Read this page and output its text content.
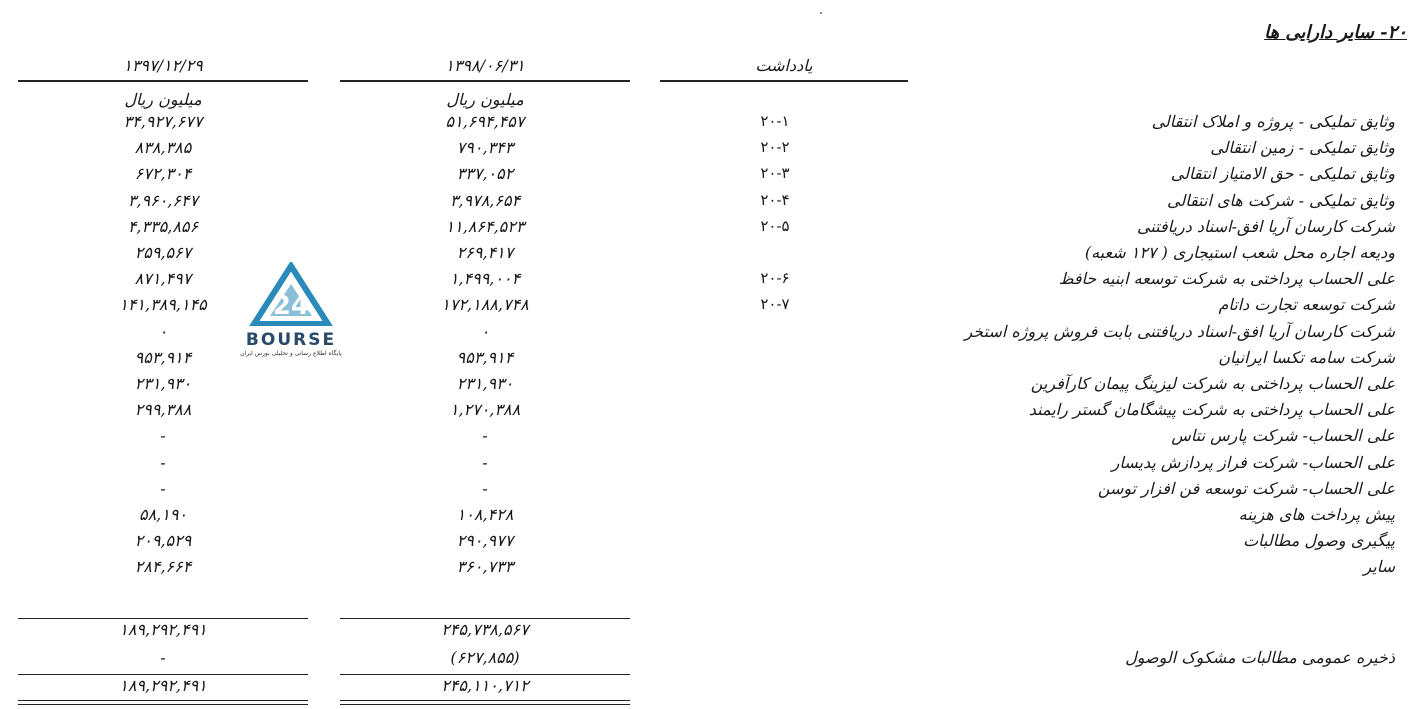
۲۰- سایر دارایی ها
یادداشت
۱۳۹۸/۰۶/۳۱
۱۳۹۷/۱۲/۲۹
میلیون ریال
میلیون ریال
وثایق تملیکی - پروژه و املاک انتقالی
۲۰-۱
۵۱,۶۹۴,۴۵۷
۳۴,۹۲۷,۶۷۷
وثایق تملیکی - زمین انتقالی
۲۰-۲
۷۹۰,۳۴۳
۸۳۸,۳۸۵
وثایق تملیکی - حق الامتیاز انتقالی
۲۰-۳
۳۳۷,۰۵۲
۶۷۲,۳۰۴
وثایق تملیکی - شرکت های انتقالی
۲۰-۴
۳,۹۷۸,۶۵۴
۳,۹۶۰,۶۴۷
شرکت کارسان آریا افق-اسناد دریافتنی
۲۰-۵
۱۱,۸۶۴,۵۲۳
۴,۳۳۵,۸۵۶
ودیعه اجاره محل شعب استیجاری ( ۱۲۷ شعبه)
۲۶۹,۴۱۷
۲۵۹,۵۶۷
علی الحساب پرداختی به شرکت توسعه ابنیه حافظ
۲۰-۶
۱,۴۹۹,۰۰۴
۸۷۱,۴۹۷
شرکت توسعه تجارت داتام
۲۰-۷
۱۷۲,۱۸۸,۷۴۸
۱۴۱,۳۸۹,۱۴۵
شرکت کارسان آریا افق-اسناد دریافتنی بابت فروش پروژه استخر
۰
۰
شرکت سامه تکسا ایرانیان
۹۵۳,۹۱۴
۹۵۳,۹۱۴
علی الحساب پرداختی به شرکت لیزینگ پیمان کارآفرین
۲۳۱,۹۳۰
۲۳۱,۹۳۰
علی الحساب پرداختی به شرکت پیشگامان گستر رایمند
۱,۲۷۰,۳۸۸
۲۹۹,۳۸۸
علی الحساب- شرکت پارس نتاس
-
-
علی الحساب- شرکت فراز پردازش پدیسار
-
-
علی الحساب- شرکت توسعه فن افزار توسن
-
-
پیش پرداخت های هزینه
۱۰۸,۴۲۸
۵۸,۱۹۰
پیگیری وصول مطالبات
۲۹۰,۹۷۷
۲۰۹,۵۲۹
سایر
۳۶۰,۷۳۳
۲۸۴,۶۶۴
۲۴۵,۷۳۸,۵۶۷
۱۸۹,۲۹۲,۴۹۱
ذخیره عمومی مطالبات مشکوک الوصول
(۶۲۷,۸۵۵)
-
۲۴۵,۱۱۰,۷۱۲
۱۸۹,۲۹۲,۴۹۱
24
BOURSE
پایگاه اطلاع رسانی و تحلیلی بورس ایران
